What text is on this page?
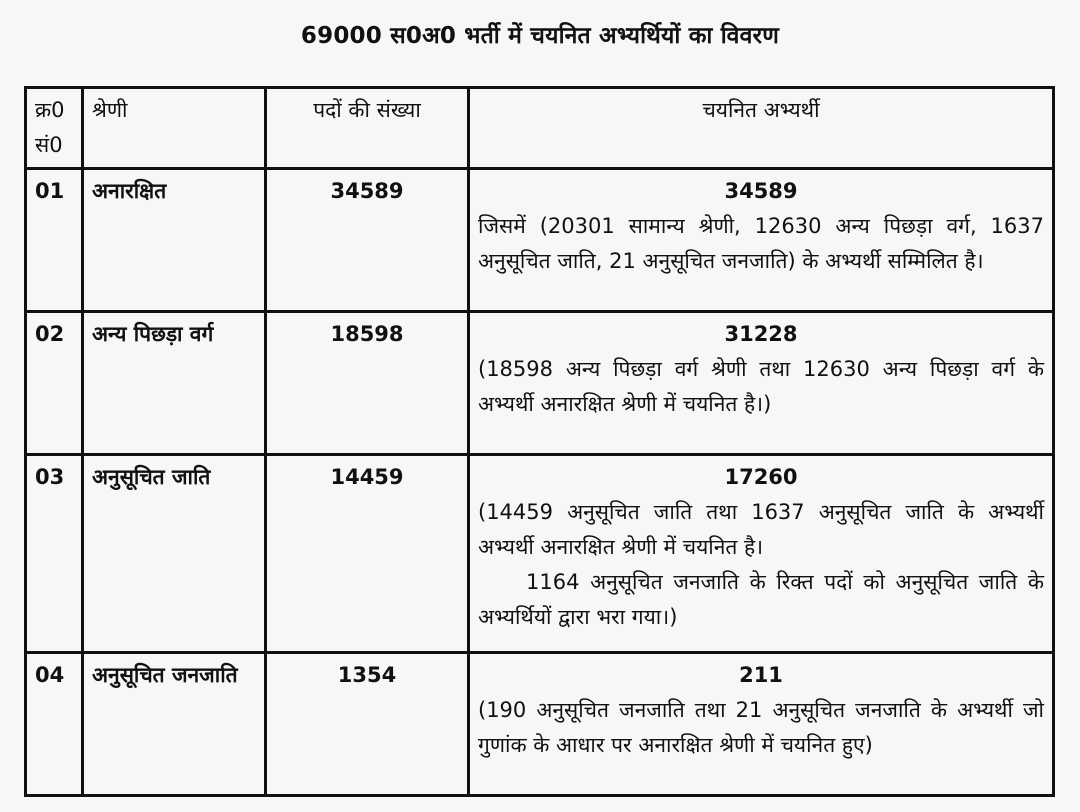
69000 स0अ0 भर्ती में चयनित अभ्यर्थियों का विवरण
क्र0 सं0	श्रेणी	पदों की संख्या	चयनित अभ्यर्थी
01	अनारक्षित	34589	34589
जिसमें (20301 सामान्य श्रेणी, 12630 अन्य पिछड़ा वर्ग, 1637 अनुसूचित जाति, 21 अनुसूचित जनजाति) के अभ्यर्थी सम्मिलित है।

02	अन्य पिछड़ा वर्ग	18598	31228
(18598 अन्य पिछड़ा वर्ग श्रेणी तथा 12630 अन्य पिछड़ा वर्ग के अभ्यर्थी अनारक्षित श्रेणी में चयनित है।)

03	अनुसूचित जाति	14459	17260
(14459 अनुसूचित जाति तथा 1637 अनुसूचित जाति के अभ्यर्थी अभ्यर्थी अनारक्षित श्रेणी में चयनित है।
1164 अनुसूचित जनजाति के रिक्त पदों को अनुसूचित जाति के अभ्यर्थियों द्वारा भरा गया।)

04	अनुसूचित जनजाति	1354	211
(190 अनुसूचित जनजाति तथा 21 अनुसूचित जनजाति के अभ्यर्थी जो गुणांक के आधार पर अनारक्षित श्रेणी में चयनित हुए)
